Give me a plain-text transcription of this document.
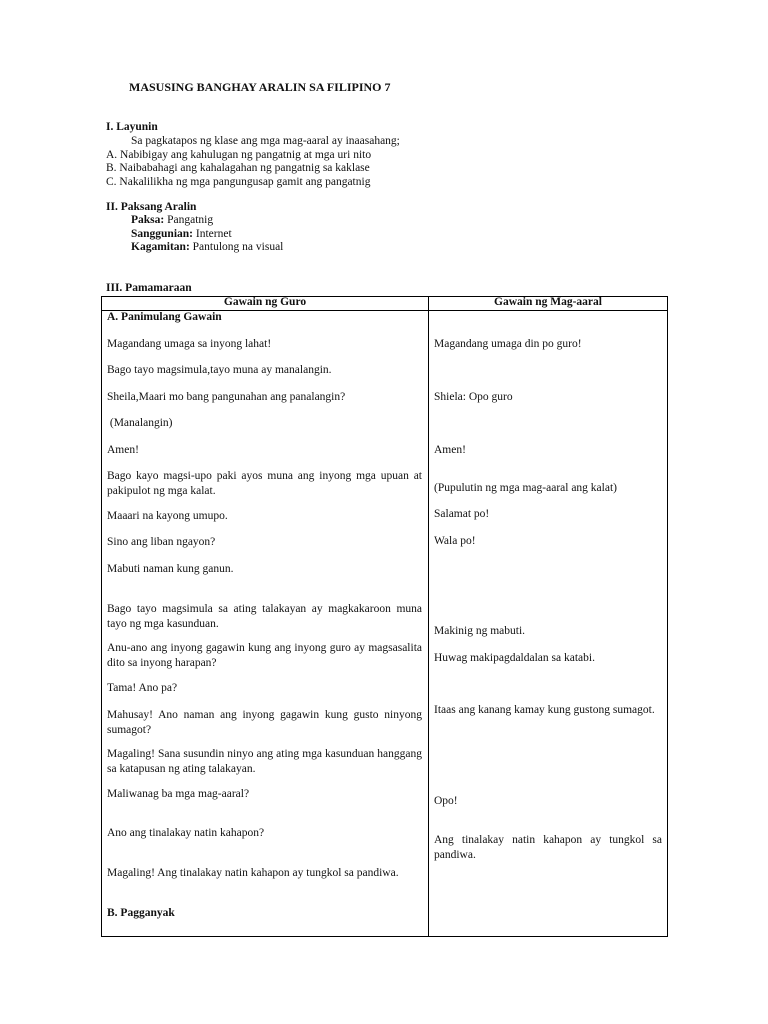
MASUSING BANGHAY ARALIN SA FILIPINO 7
I. Layunin
Sa pagkatapos ng klase ang mga mag-aaral ay inaasahang;
A. Nabibigay ang kahulugan ng pangatnig at mga uri nito
B. Naibabahagi ang kahalagahan ng pangatnig sa kaklase
C. Nakalilikha ng mga pangungusap gamit ang pangatnig
II. Paksang Aralin
Paksa: Pangatnig
Sanggunian: Internet
Kagamitan: Pantulong na visual
III. Pamamaraan
Gawain ng Guro	Gawain ng Mag-aaral
A. Panimulang Gawain
Magandang umaga sa inyong lahat!
Bago tayo magsimula,tayo muna ay manalangin.
Sheila,Maari mo bang pangunahan ang panalangin?
(Manalangin)
Amen!
Bago kayo magsi-upo paki ayos muna ang inyong mga upuan at pakipulot ng mga kalat.
Maaari na kayong umupo.
Sino ang liban ngayon?
Mabuti naman kung ganun.
Bago tayo magsimula sa ating talakayan ay magkakaroon muna tayo ng mga kasunduan.
Anu-ano ang inyong gagawin kung ang inyong guro ay magsasalita dito sa inyong harapan?
Tama! Ano pa?
Mahusay! Ano naman ang inyong gagawin kung gusto ninyong sumagot?
Magaling! Sana susundin ninyo ang ating mga kasunduan hanggang sa katapusan ng ating talakayan.
Maliwanag ba mga mag-aaral?
Ano ang tinalakay natin kahapon?
Magaling! Ang tinalakay natin kahapon ay tungkol sa pandiwa.
B. Pagganyak
Magandang umaga din po guro!
Shiela: Opo guro
Amen!
(Pupulutin ng mga mag-aaral ang kalat)
Salamat po!
Wala po!
Makinig ng mabuti.
Huwag makipagdaldalan sa katabi.
Itaas ang kanang kamay kung gustong sumagot.
Opo!
Ang tinalakay natin kahapon ay tungkol sa pandiwa.
